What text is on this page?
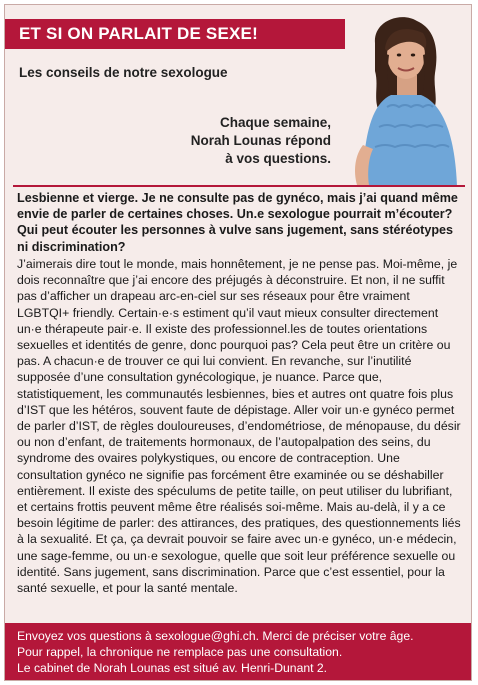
ET SI ON PARLAIT DE SEXE!
Les conseils de notre sexologue
Chaque semaine,
Norah Lounas répond
à vos questions.
Lesbienne et vierge. Je ne consulte pas de gynéco, mais j’ai quand même envie de parler de certaines choses. Un.e sexologue pourrait m’écouter? Qui peut écouter les personnes à vulve sans jugement, sans stéréotypes ni discrimination?
J’aimerais dire tout le monde, mais honnêtement, je ne pense pas. Moi-même, je dois reconnaître que j’ai encore des préjugés à déconstruire. Et non, il ne suffit pas d’afficher un drapeau arc-en-ciel sur ses réseaux pour être vraiment LGBTQI+ friendly. Certain·e·s estiment qu’il vaut mieux consulter directement un·e thérapeute pair·e. Il existe des professionnel.les de toutes orientations sexuelles et identités de genre, donc pourquoi pas? Cela peut être un critère ou pas. A chacun·e de trouver ce qui lui convient. En revanche, sur l’inutilité supposée d’une consultation gynécologique, je nuance. Parce que, statistiquement, les communautés lesbiennes, bies et autres ont quatre fois plus d’IST que les hétéros, souvent faute de dépistage. Aller voir un·e gynéco permet de parler d’IST, de règles douloureuses, d’endométriose, de ménopause, du désir ou non d’enfant, de traitements hormonaux, de l’autopalpation des seins, du syndrome des ovaires polykystiques, ou encore de contraception. Une consultation gynéco ne signifie pas forcément être examinée ou se déshabiller entièrement. Il existe des spéculums de petite taille, on peut utiliser du lubrifiant, et certains frottis peuvent même être réalisés soi-même. Mais au-delà, il y a ce besoin légitime de parler: des attirances, des pratiques, des questionnements liés à la sexualité. Et ça, ça devrait pouvoir se faire avec un·e gynéco, un·e médecin, une sage-femme, ou un·e sexologue, quelle que soit leur préférence sexuelle ou identité. Sans jugement, sans discrimination. Parce que c’est essentiel, pour la santé sexuelle, et pour la santé mentale.
Envoyez vos questions à sexologue@ghi.ch. Merci de préciser votre âge.
Pour rappel, la chronique ne remplace pas une consultation.
Le cabinet de Norah Lounas est situé av. Henri-Dunant 2.
